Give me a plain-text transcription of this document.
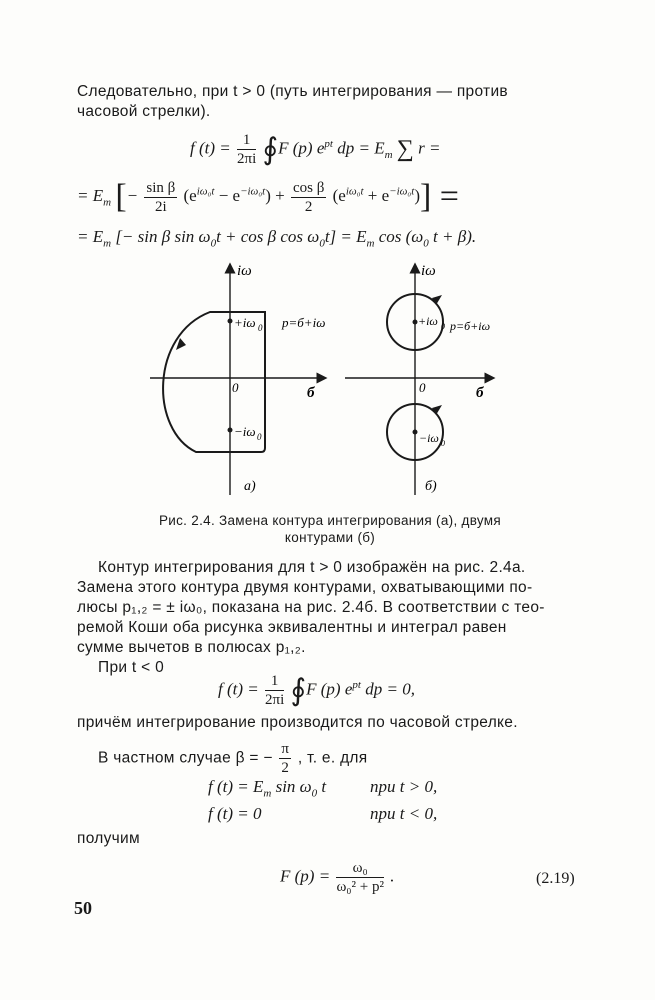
Следовательно, при t > 0 (путь интегрирования — против
часовой стрелки).
f $(t) = \frac{1}{2\pi i}$ ∮F (p) $e^{pt}$ dp = $E_m$ ∑ r =
= $E_m$ [− $\frac{\text{sin β}}{2i} (e^{i\omega_0t} - e^{-i\omega_0t}) + \frac{\text{cos β}}{2} (e^{i\omega_0t} + e^{-i\omega_0t})$] =
= $E_m$ [− sin β $\sin \omega_0t + \cos \beta$ $\cos \omega_0t] = E_m$ $\cos (\omega_0$ t + β).
iω
б
0
+iω 0
−iω 0
p=б+iω
a)
iω
б
0
+iω 0
−iω 0
p=б+iω
б)
Рис. 2.4. Замена контура интегрирования (а), двумя
контурами (б)
Контур интегрирования для t > 0 изображён на рис. 2.4а.
Замена этого контура двумя контурами, охватывающими по-
люсы p₁,₂ = ± iω₀, показана на рис. 2.4б. В соответствии с тео-
ремой Коши оба рисунка эквивалентны и интеграл равен
сумме вычетов в полюсах p₁,₂.
При t < 0
f $(t) = \frac{1}{2\pi i}$ ∮F (p) $e^{pt}$ dp = 0,
причём интегрирование производится по часовой стрелке.
В частном случае β = − $\frac{\pi}{2}$ , т. е. для
f $(t) = E_m$ $\sin \omega_0$ t	при t > 0,
f (t) = 0	при t < 0,
получим
F $(p) = \frac{\text{ω₀}}{\text{ω₀² + p²}}$ .	(2.19)
50
